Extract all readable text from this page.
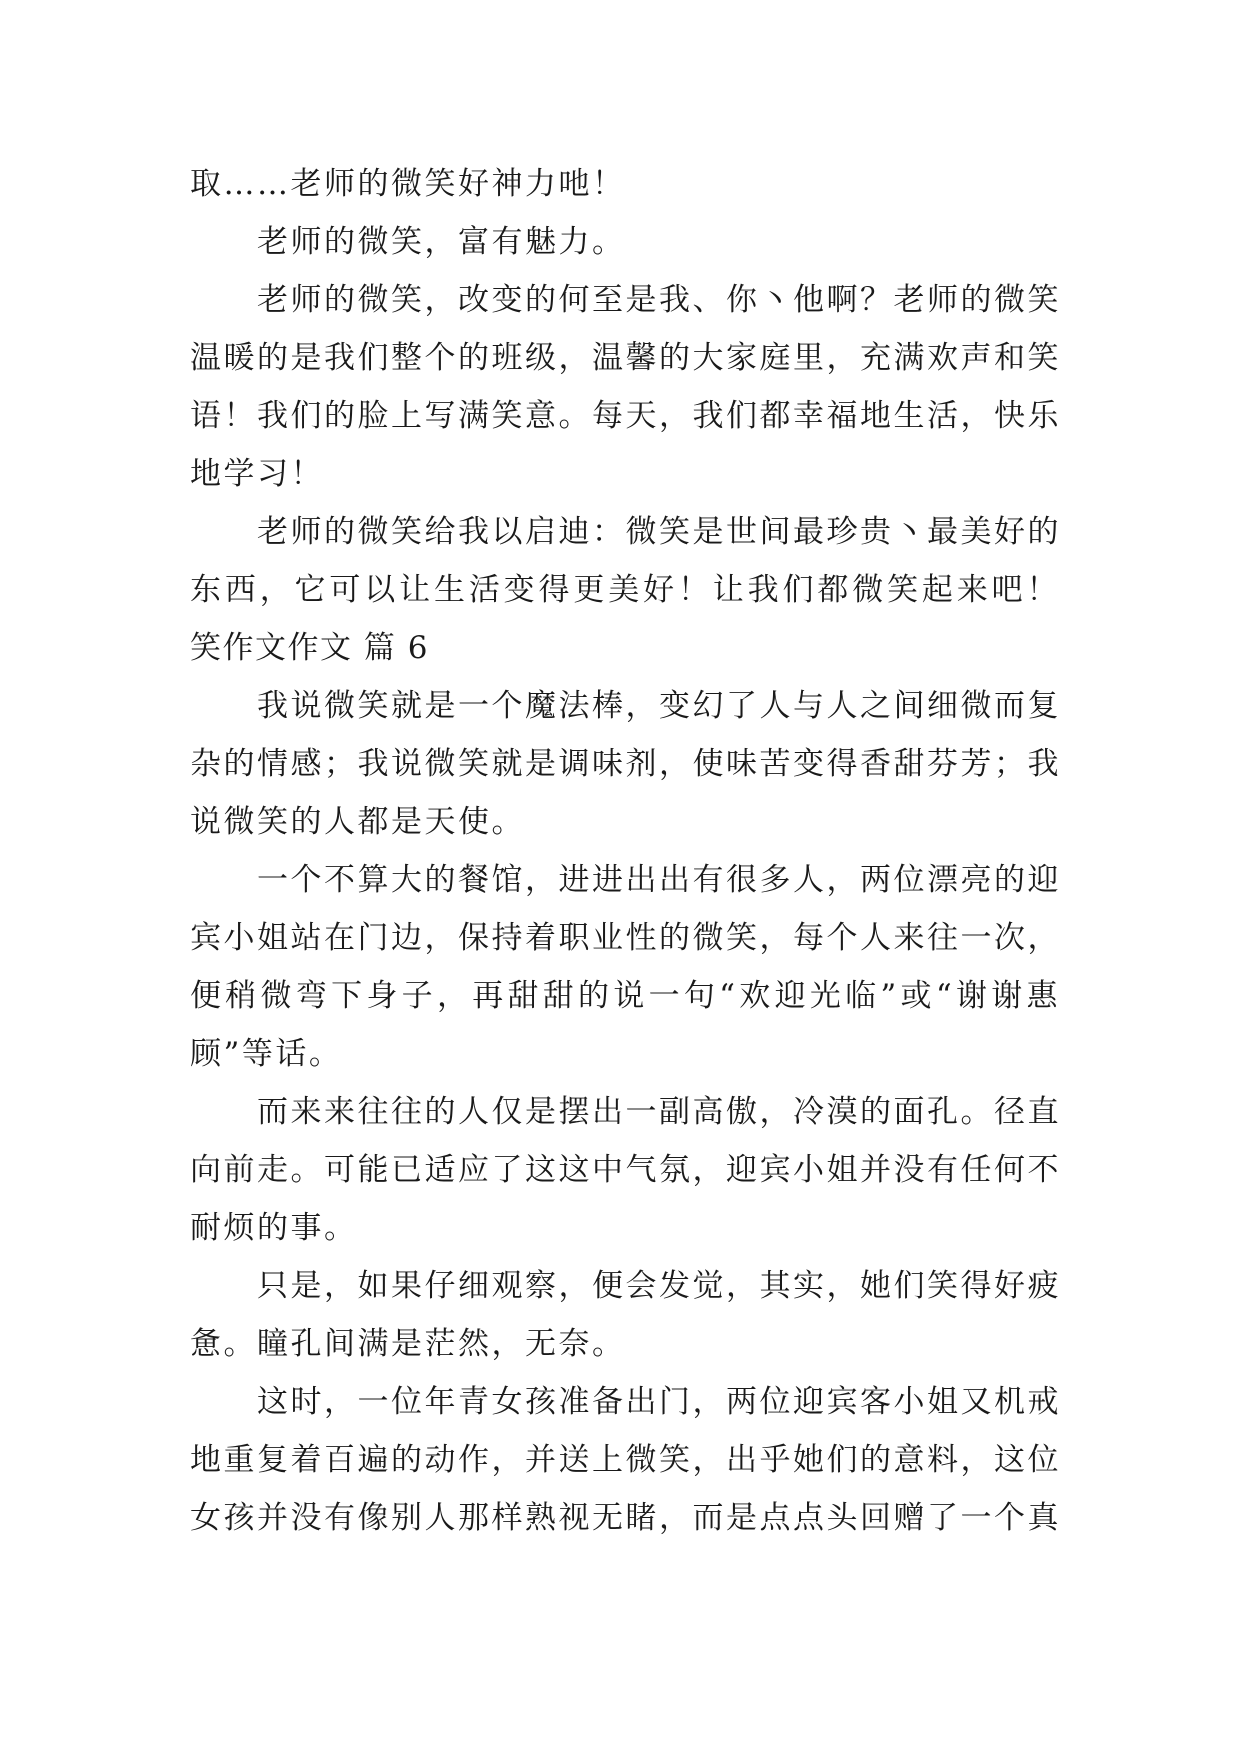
取……老师的微笑好神力吔！
老师的微笑，富有魅力。
老师的微笑，改变的何至是我、你丶他啊？老师的微笑
温暖的是我们整个的班级，温馨的大家庭里，充满欢声和笑
语！我们的脸上写满笑意。每天，我们都幸福地生活，快乐
地学习！
老师的微笑给我以启迪：微笑是世间最珍贵丶最美好的
东西，它可以让生活变得更美好！让我们都微笑起来吧！
笑作文作文 篇 6
我说微笑就是一个魔法棒，变幻了人与人之间细微而复
杂的情感；我说微笑就是调味剂，使味苦变得香甜芬芳；我
说微笑的人都是天使。
一个不算大的餐馆，进进出出有很多人，两位漂亮的迎
宾小姐站在门边，保持着职业性的微笑，每个人来往一次，
便稍微弯下身子，再甜甜的说一句“欢迎光临”或“谢谢惠
顾”等话。
而来来往往的人仅是摆出一副高傲，冷漠的面孔。径直
向前走。可能已适应了这这中气氛，迎宾小姐并没有任何不
耐烦的事。
只是，如果仔细观察，便会发觉，其实，她们笑得好疲
惫。瞳孔间满是茫然，无奈。
这时，一位年青女孩准备出门，两位迎宾客小姐又机戒
地重复着百遍的动作，并送上微笑，出乎她们的意料，这位
女孩并没有像别人那样熟视无睹，而是点点头回赠了一个真
